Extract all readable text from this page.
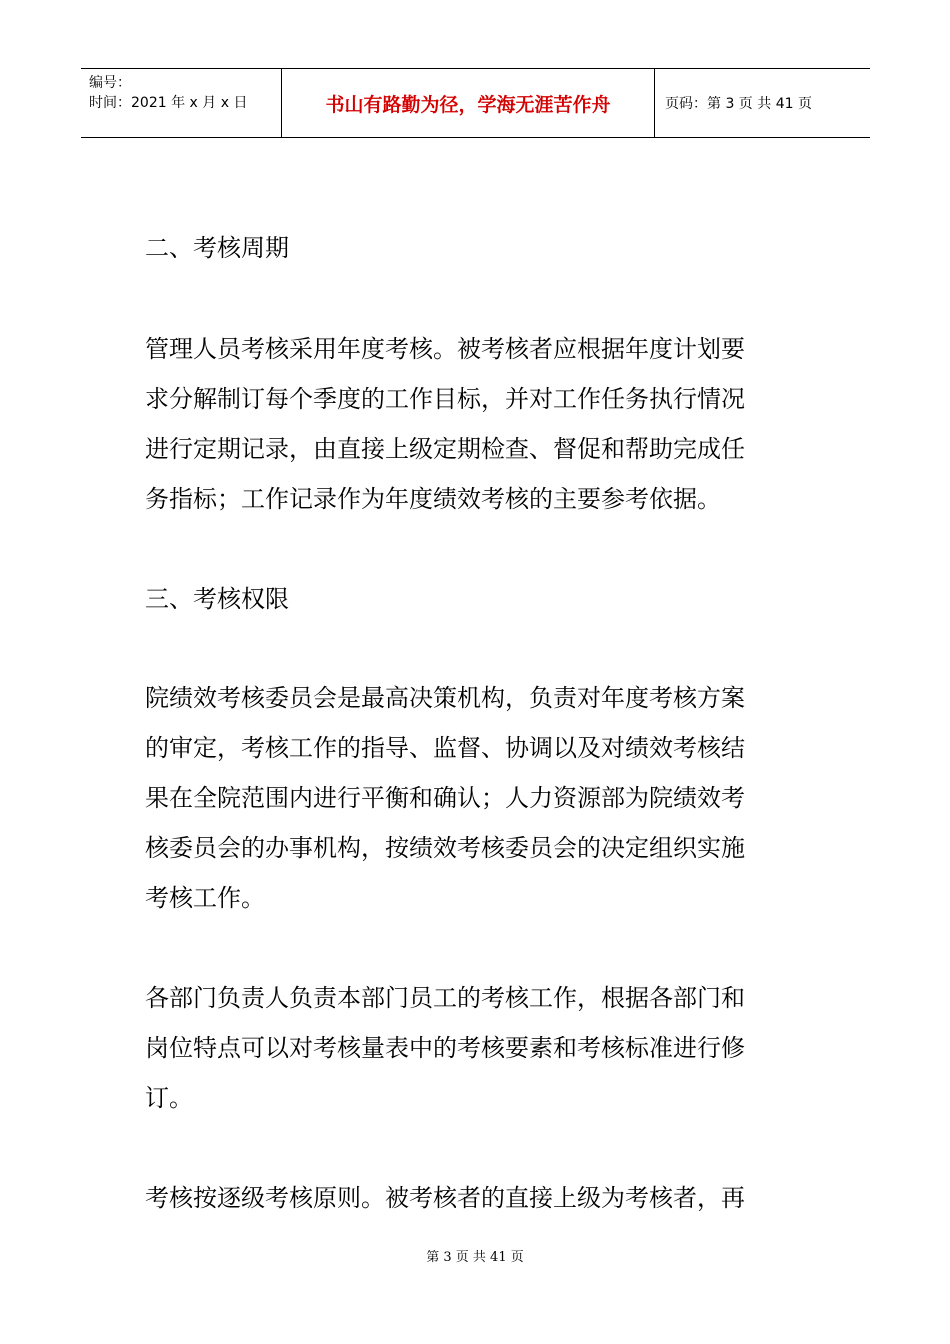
编号：
时间：2021 年 x 月 x 日	书山有路勤为径，学海无涯苦作舟	页码：第 3 页 共 41 页
二、考核周期
管理人员考核采用年度考核。被考核者应根据年度计划要
求分解制订每个季度的工作目标，并对工作任务执行情况
进行定期记录，由直接上级定期检查、督促和帮助完成任
务指标；工作记录作为年度绩效考核的主要参考依据。
三、考核权限
院绩效考核委员会是最高决策机构，负责对年度考核方案
的审定，考核工作的指导、监督、协调以及对绩效考核结
果在全院范围内进行平衡和确认；人力资源部为院绩效考
核委员会的办事机构，按绩效考核委员会的决定组织实施
考核工作。
各部门负责人负责本部门员工的考核工作，根据各部门和
岗位特点可以对考核量表中的考核要素和考核标准进行修
订。
考核按逐级考核原则。被考核者的直接上级为考核者，再
第 3 页 共 41 页
